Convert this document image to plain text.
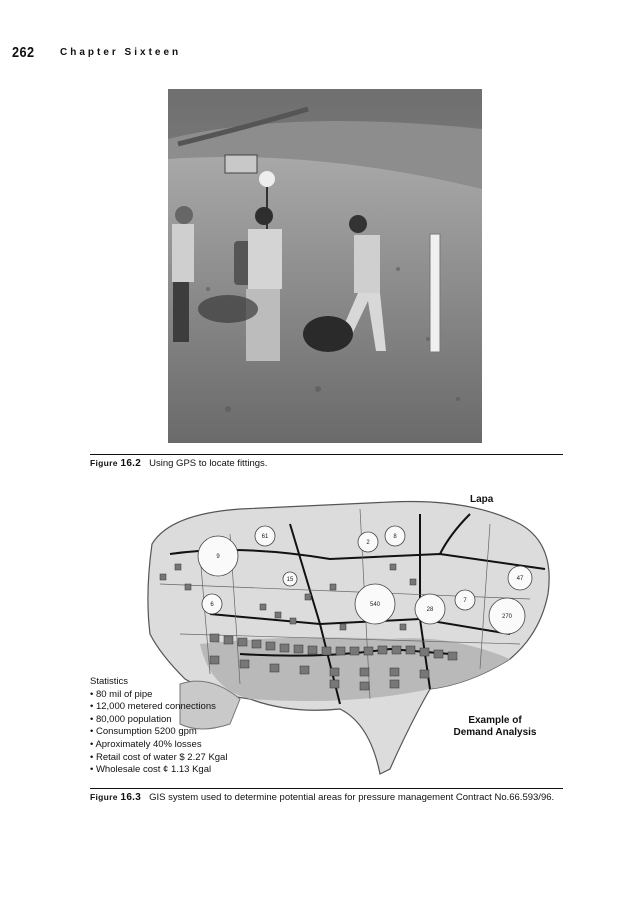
262	Chapter Sixteen
Figure 16.2 Using GPS to locate fittings.
270
47
540
28
61
6
9
2
8
7
15
Lapa
Statistics
• 80 mil of pipe
• 12,000 metered connections
• 80,000 population
• Consumption 5200 gpm
• Aproximately 40% losses
• Retail cost of water $ 2.27 Kgal
• Wholesale cost ¢ 1.13 Kgal
Example of
Demand Analysis
Figure 16.3 GIS system used to determine potential areas for pressure management Contract No.66.593/96.
